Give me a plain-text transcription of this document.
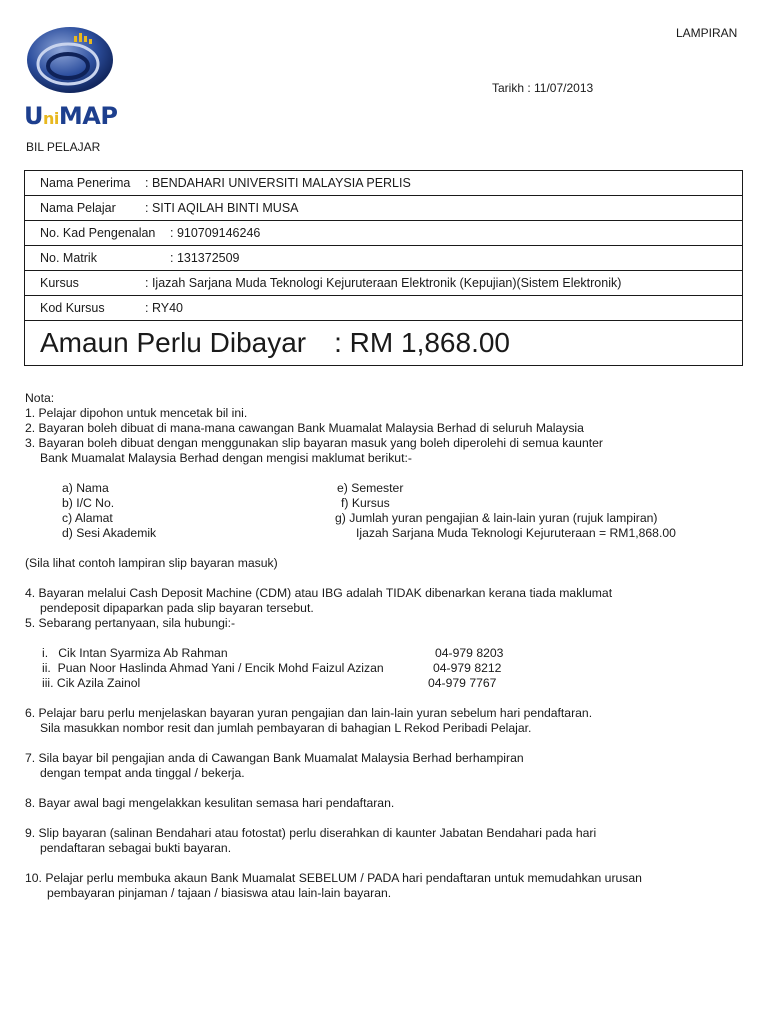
LAMPIRAN
Tarikh : 11/07/2013
UniMAP
BIL PELAJAR
Nama Penerima : BENDAHARI UNIVERSITI MALAYSIA PERLIS
Nama Pelajar : SITI AQILAH BINTI MUSA
No. Kad Pengenalan : 910709146246
No. Matrik	: 131372509
Kursus	: Ijazah Sarjana Muda Teknologi Kejuruteraan Elektronik (Kepujian)(Sistem Elektronik)
Kod Kursus	: RY40
Amaun Perlu Dibayar : RM 1,868.00
Nota:
1. Pelajar dipohon untuk mencetak bil ini.
2. Bayaran boleh dibuat di mana-mana cawangan Bank Muamalat Malaysia Berhad di seluruh Malaysia
3. Bayaran boleh dibuat dengan menggunakan slip bayaran masuk yang boleh diperolehi di semua kaunter
Bank Muamalat Malaysia Berhad dengan mengisi maklumat berikut:-
a) Nama	e) Semester
b) I/C No.	f) Kursus
c) Alamat	g) Jumlah yuran pengajian & lain-lain yuran (rujuk lampiran)
d) Sesi Akademik	Ijazah Sarjana Muda Teknologi Kejuruteraan = RM1,868.00
(Sila lihat contoh lampiran slip bayaran masuk)
4. Bayaran melalui Cash Deposit Machine (CDM) atau IBG adalah TIDAK dibenarkan kerana tiada maklumat
pendeposit dipaparkan pada slip bayaran tersebut.
5. Sebarang pertanyaan, sila hubungi:-
i.   Cik Intan Syarmiza Ab Rahman	04-979 8203
ii.  Puan Noor Haslinda Ahmad Yani / Encik Mohd Faizul Azizan	04-979 8212
iii. Cik Azila Zainol	04-979 7767
6. Pelajar baru perlu menjelaskan bayaran yuran pengajian dan lain-lain yuran sebelum hari pendaftaran.
Sila masukkan nombor resit dan jumlah pembayaran di bahagian L Rekod Peribadi Pelajar.
7. Sila bayar bil pengajian anda di Cawangan Bank Muamalat Malaysia Berhad berhampiran
dengan tempat anda tinggal / bekerja.
8. Bayar awal bagi mengelakkan kesulitan semasa hari pendaftaran.
9. Slip bayaran (salinan Bendahari atau fotostat) perlu diserahkan di kaunter Jabatan Bendahari pada hari
pendaftaran sebagai bukti bayaran.
10. Pelajar perlu membuka akaun Bank Muamalat SEBELUM / PADA hari pendaftaran untuk memudahkan urusan
pembayaran pinjaman / tajaan / biasiswa atau lain-lain bayaran.
